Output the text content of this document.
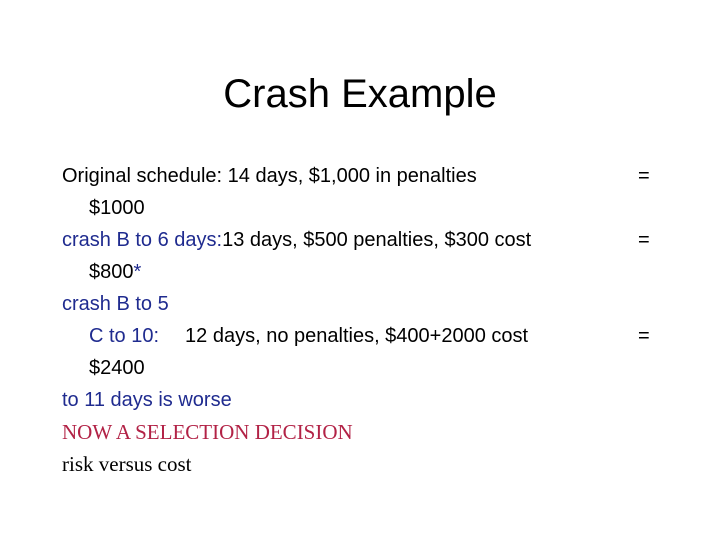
Crash Example
Original schedule: 14 days, $1,000 in penalties	=
$1000
crash B to 6 days:13 days, $500 penalties, $300 cost	=
$800*
crash B to 5
C to 10: 12 days, no penalties, $400+2000 cost	=
$2400
to 11 days is worse
NOW A SELECTION DECISION
risk versus cost
